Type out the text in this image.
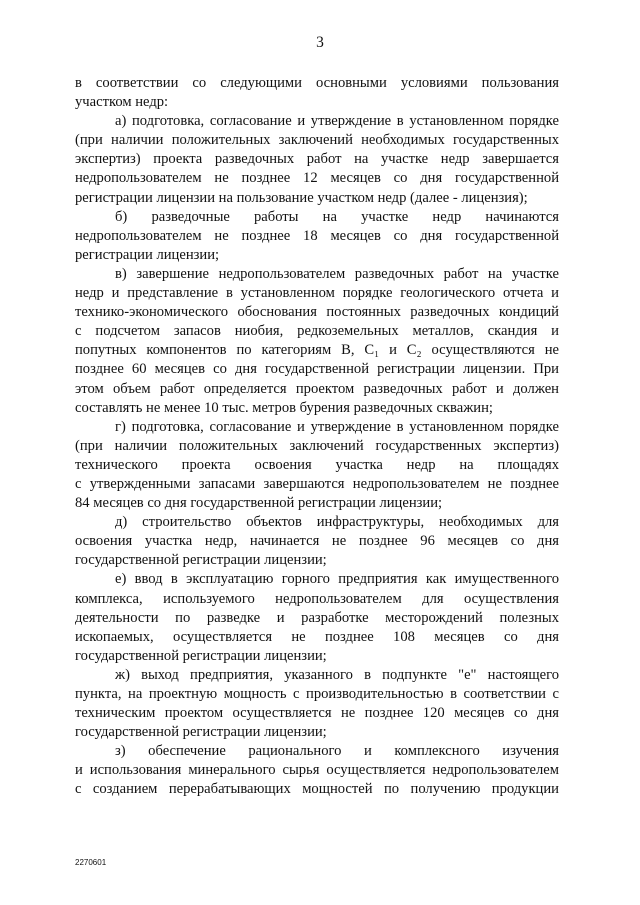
3
в соответствии со следующими основными условиями пользования
участком недр:
а) подготовка, согласование и утверждение в установленном порядке
(при наличии положительных заключений необходимых государственных
экспертиз) проекта разведочных работ на участке недр завершается
недропользователем не позднее 12 месяцев со дня государственной
регистрации лицензии на пользование участком недр (далее - лицензия);
б) разведочные работы на участке недр начинаются
недропользователем не позднее 18 месяцев со дня государственной
регистрации лицензии;
в) завершение недропользователем разведочных работ на участке
недр и представление в установленном порядке геологического отчета и
технико-экономического обоснования постоянных разведочных кондиций
с подсчетом запасов ниобия, редкоземельных металлов, скандия и
попутных компонентов по категориям B, C₁ и C₂ осуществляются не
позднее 60 месяцев со дня государственной регистрации лицензии. При
этом объем работ определяется проектом разведочных работ и должен
составлять не менее 10 тыс. метров бурения разведочных скважин;
г) подготовка, согласование и утверждение в установленном порядке
(при наличии положительных заключений государственных экспертиз)
технического проекта освоения участка недр на площадях
с утвержденными запасами завершаются недропользователем не позднее
84 месяцев со дня государственной регистрации лицензии;
д) строительство объектов инфраструктуры, необходимых для
освоения участка недр, начинается не позднее 96 месяцев со дня
государственной регистрации лицензии;
е) ввод в эксплуатацию горного предприятия как имущественного
комплекса, используемого недропользователем для осуществления
деятельности по разведке и разработке месторождений полезных
ископаемых, осуществляется не позднее 108 месяцев со дня
государственной регистрации лицензии;
ж) выход предприятия, указанного в подпункте "е" настоящего
пункта, на проектную мощность с производительностью в соответствии с
техническим проектом осуществляется не позднее 120 месяцев со дня
государственной регистрации лицензии;
з) обеспечение рационального и комплексного изучения
и использования минерального сырья осуществляется недропользователем
с созданием перерабатывающих мощностей по получению продукции
2270601
